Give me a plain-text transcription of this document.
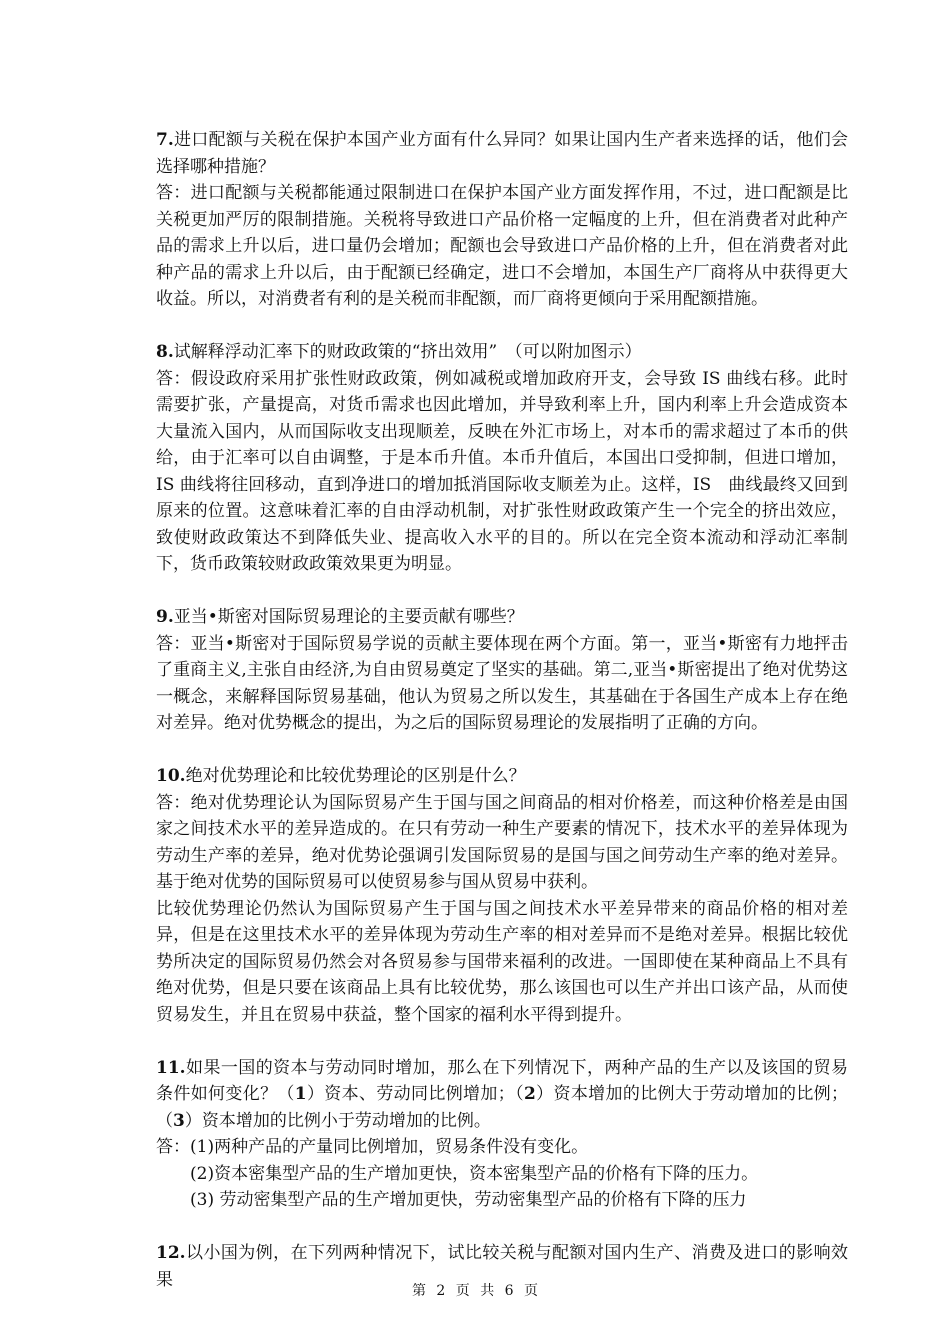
7.进口配额与关税在保护本国产业方面有什么异同？如果让国内生产者来选择的话，他们会选择哪种措施？

答：进口配额与关税都能通过限制进口在保护本国产业方面发挥作用，不过，进口配额是比关税更加严厉的限制措施。关税将导致进口产品价格一定幅度的上升，但在消费者对此种产品的需求上升以后，进口量仍会增加；配额也会导致进口产品价格的上升，但在消费者对此种产品的需求上升以后，由于配额已经确定，进口不会增加，本国生产厂商将从中获得更大收益。所以，对消费者有利的是关税而非配额，而厂商将更倾向于采用配额措施。

8.试解释浮动汇率下的财政政策的“挤出效用”　（可以附加图示）

答：假设政府采用扩张性财政政策，例如减税或增加政府开支，会导致 IS 曲线右移。此时需要扩张，产量提高，对货币需求也因此增加，并导致利率上升，国内利率上升会造成资本大量流入国内，从而国际收支出现顺差，反映在外汇市场上，对本币的需求超过了本币的供给，由于汇率可以自由调整，于是本币升值。本币升值后，本国出口受抑制，但进口增加，IS 曲线将往回移动，直到净进口的增加抵消国际收支顺差为止。这样，IS　曲线最终又回到原来的位置。这意味着汇率的自由浮动机制，对扩张性财政政策产生一个完全的挤出效应，致使财政政策达不到降低失业、提高收入水平的目的。所以在完全资本流动和浮动汇率制下，货币政策较财政政策效果更为明显。

9.亚当•斯密对国际贸易理论的主要贡献有哪些？

答：亚当•斯密对于国际贸易学说的贡献主要体现在两个方面。第一，亚当•斯密有力地抨击了重商主义,主张自由经济,为自由贸易奠定了坚实的基础。第二,亚当•斯密提出了绝对优势这一概念，来解释国际贸易基础，他认为贸易之所以发生，其基础在于各国生产成本上存在绝对差异。绝对优势概念的提出，为之后的国际贸易理论的发展指明了正确的方向。

10.绝对优势理论和比较优势理论的区别是什么？

答：绝对优势理论认为国际贸易产生于国与国之间商品的相对价格差，而这种价格差是由国家之间技术水平的差异造成的。在只有劳动一种生产要素的情况下，技术水平的差异体现为劳动生产率的差异，绝对优势论强调引发国际贸易的是国与国之间劳动生产率的绝对差异。基于绝对优势的国际贸易可以使贸易参与国从贸易中获利。

比较优势理论仍然认为国际贸易产生于国与国之间技术水平差异带来的商品价格的相对差异，但是在这里技术水平的差异体现为劳动生产率的相对差异而不是绝对差异。根据比较优势所决定的国际贸易仍然会对各贸易参与国带来福利的改进。一国即使在某种商品上不具有绝对优势，但是只要在该商品上具有比较优势，那么该国也可以生产并出口该产品，从而使贸易发生，并且在贸易中获益，整个国家的福利水平得到提升。

11.如果一国的资本与劳动同时增加，那么在下列情况下，两种产品的生产以及该国的贸易条件如何变化？（1）资本、劳动同比例增加；（2）资本增加的比例大于劳动增加的比例；（3）资本增加的比例小于劳动增加的比例。

答：(1)两种产品的产量同比例增加，贸易条件没有变化。

(2)资本密集型产品的生产增加更快，资本密集型产品的价格有下降的压力。

(3) 劳动密集型产品的生产增加更快，劳动密集型产品的价格有下降的压力

12.以小国为例，在下列两种情况下，试比较关税与配额对国内生产、消费及进口的影响效果

第 2 页 共 6 页
